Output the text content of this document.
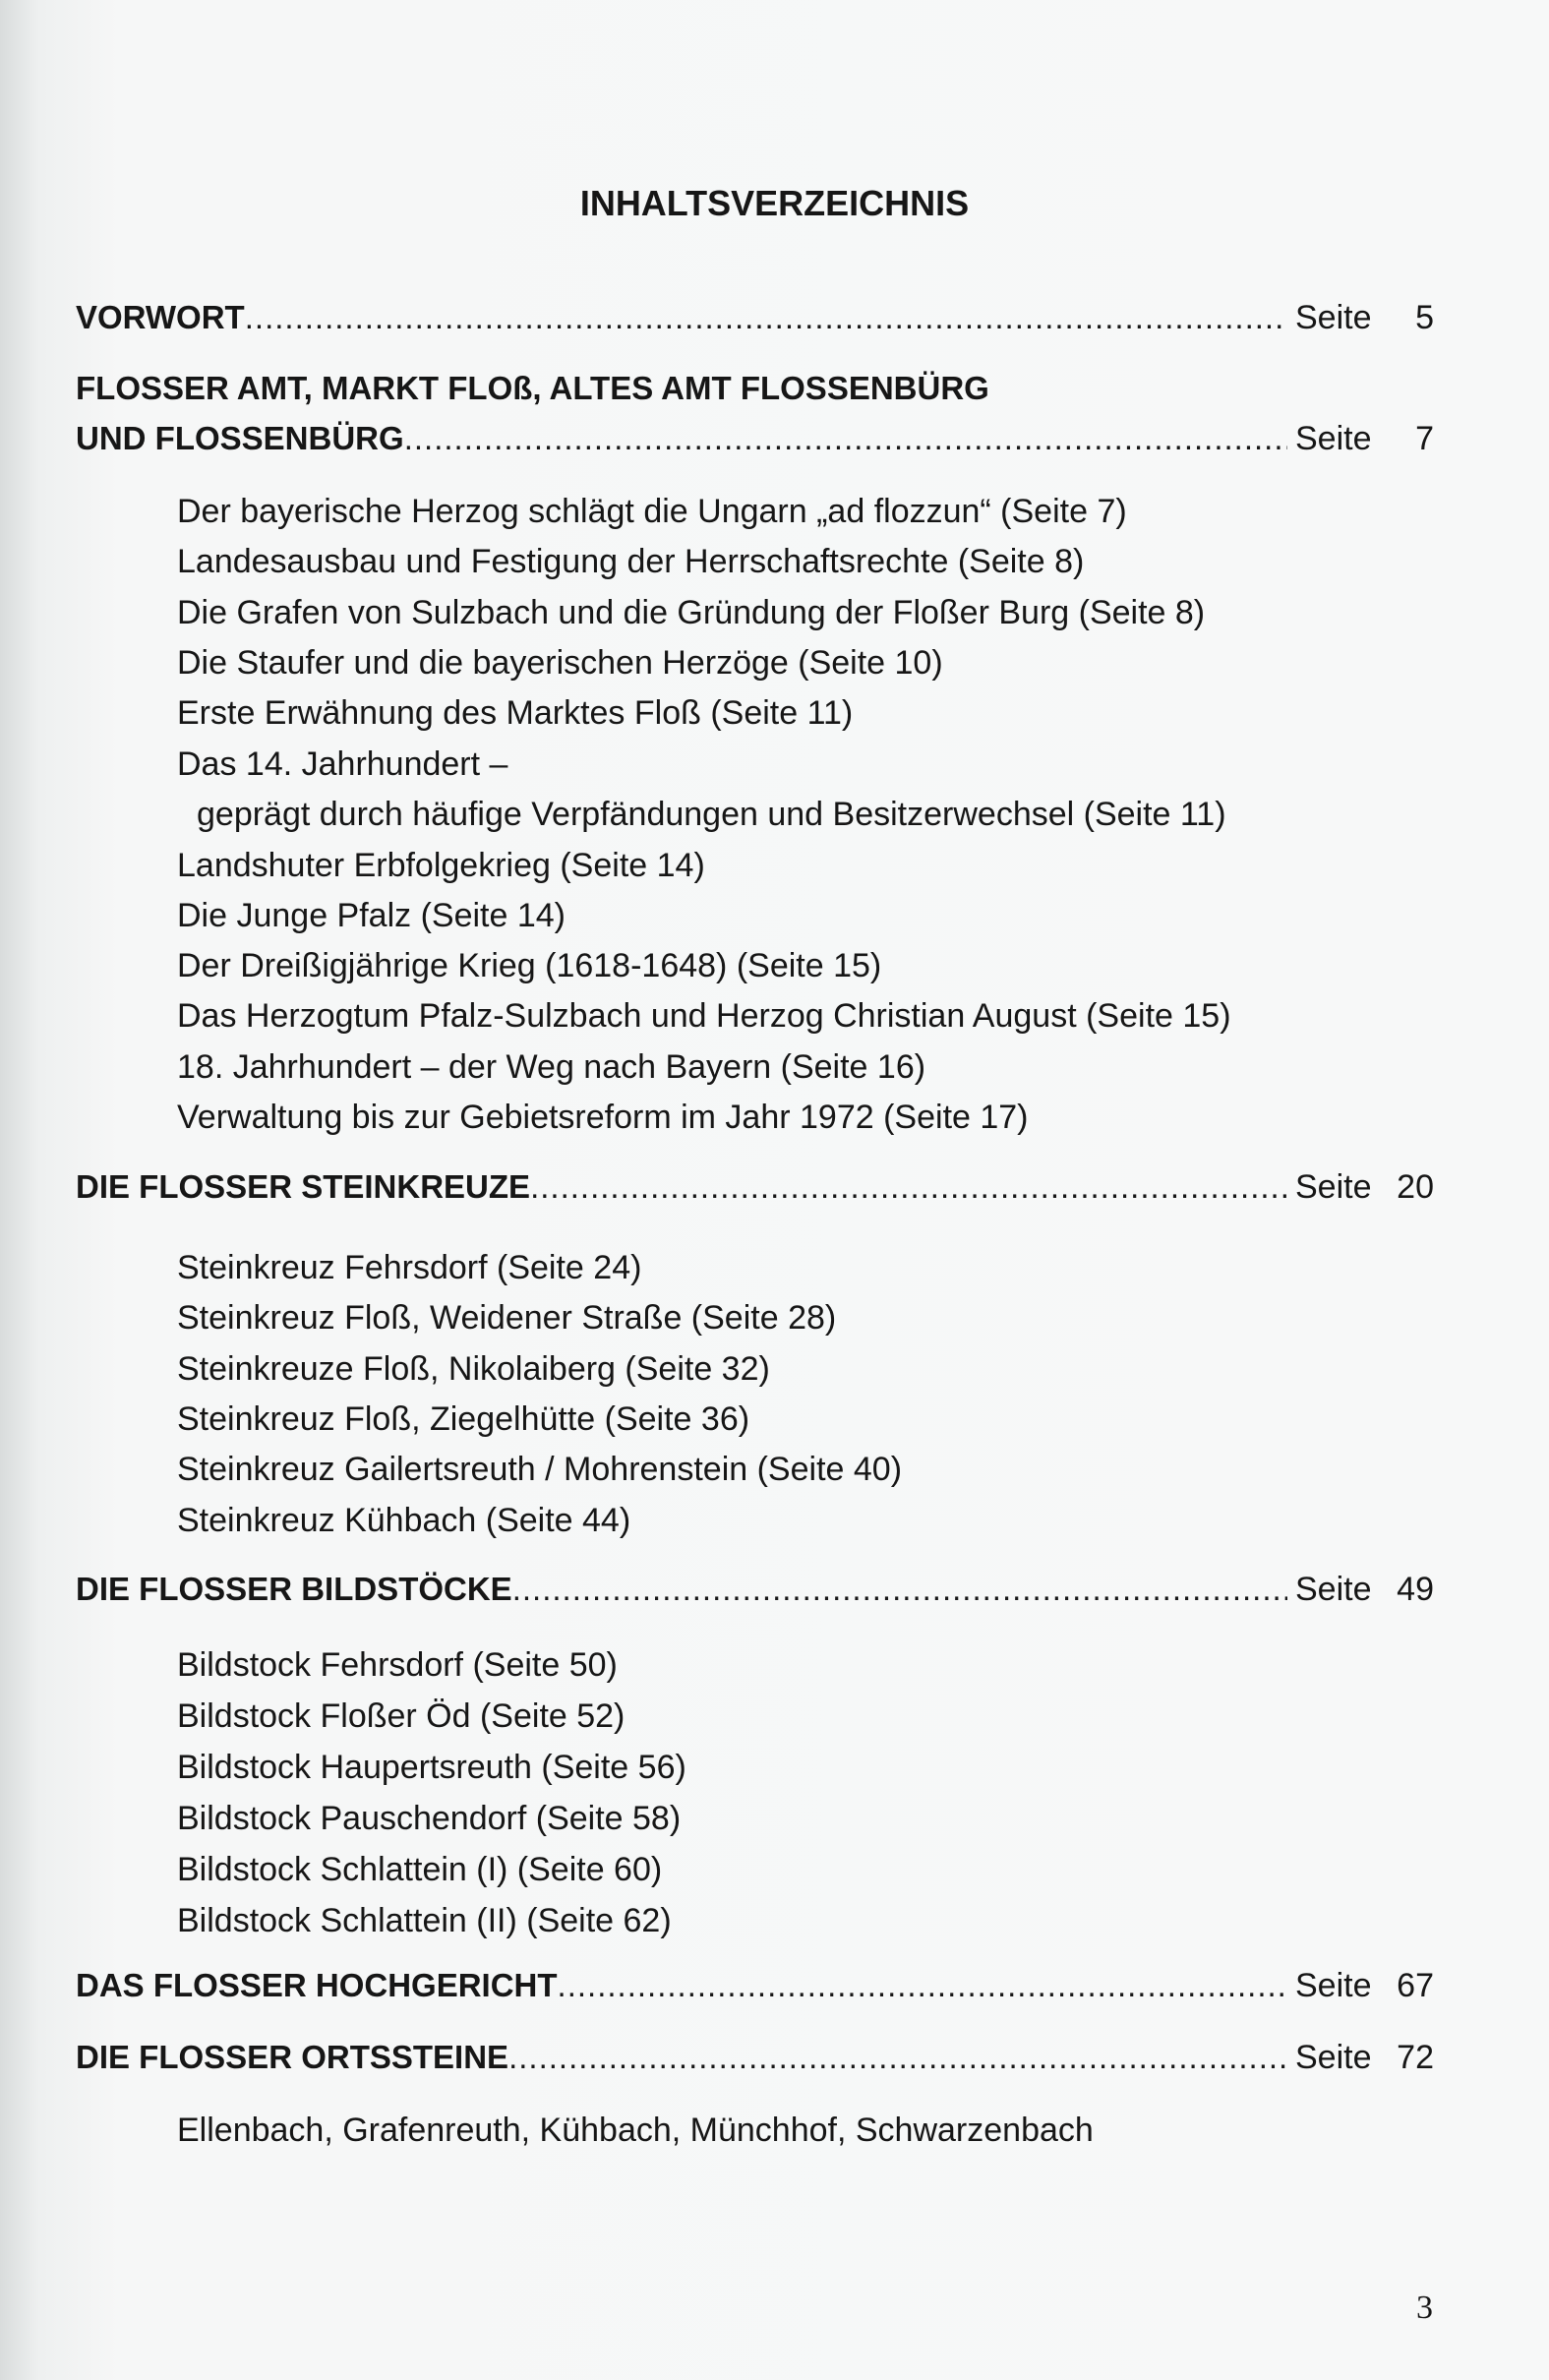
INHALTSVERZEICHNIS
VORWORT .....	Seite 5
FLOSSER AMT, MARKT FLOß, ALTES AMT FLOSSENBÜRG
UND FLOSSENBÜRG .....	Seite 7
Der bayerische Herzog schlägt die Ungarn „ad flozzun“ (Seite 7)
Landesausbau und Festigung der Herrschaftsrechte (Seite 8)
Die Grafen von Sulzbach und die Gründung der Floßer Burg (Seite 8)
Die Staufer und die bayerischen Herzöge (Seite 10)
Erste Erwähnung des Marktes Floß (Seite 11)
Das 14. Jahrhundert –
geprägt durch häufige Verpfändungen und Besitzerwechsel (Seite 11)
Landshuter Erbfolgekrieg (Seite 14)
Die Junge Pfalz (Seite 14)
Der Dreißigjährige Krieg (1618-1648) (Seite 15)
Das Herzogtum Pfalz-Sulzbach und Herzog Christian August (Seite 15)
18. Jahrhundert – der Weg nach Bayern (Seite 16)
Verwaltung bis zur Gebietsreform im Jahr 1972 (Seite 17)
DIE FLOSSER STEINKREUZE .....	Seite 20
Steinkreuz Fehrsdorf (Seite 24)
Steinkreuz Floß, Weidener Straße (Seite 28)
Steinkreuze Floß, Nikolaiberg (Seite 32)
Steinkreuz Floß, Ziegelhütte (Seite 36)
Steinkreuz Gailertsreuth / Mohrenstein (Seite 40)
Steinkreuz Kühbach (Seite 44)
DIE FLOSSER BILDSTÖCKE .....	Seite 49
Bildstock Fehrsdorf (Seite 50)
Bildstock Floßer Öd (Seite 52)
Bildstock Haupertsreuth (Seite 56)
Bildstock Pauschendorf (Seite 58)
Bildstock Schlattein (I) (Seite 60)
Bildstock Schlattein (II) (Seite 62)
DAS FLOSSER HOCHGERICHT .....	Seite 67
DIE FLOSSER ORTSSTEINE .....	Seite 72
Ellenbach, Grafenreuth, Kühbach, Münchhof, Schwarzenbach
3
